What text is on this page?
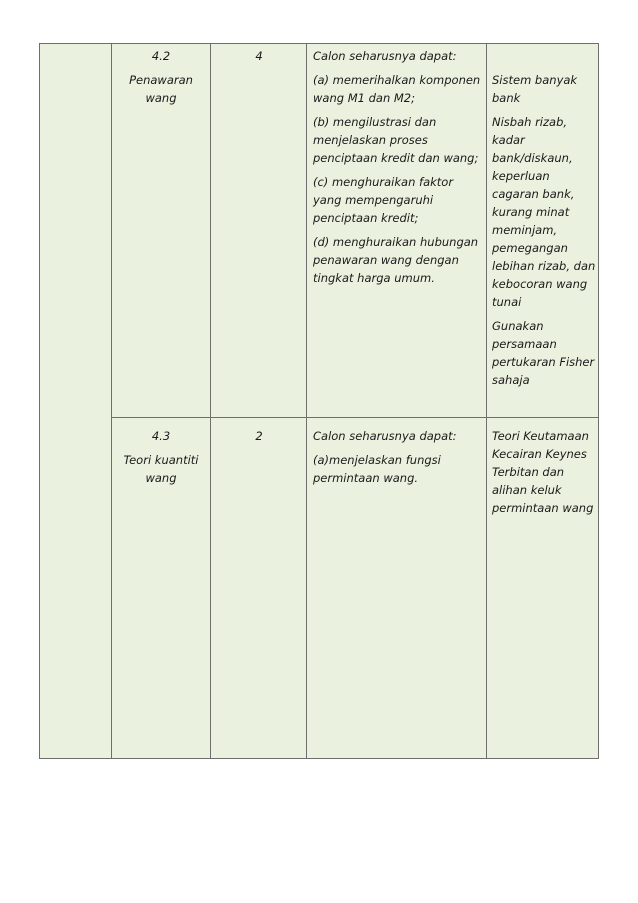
4.2

Penawaran wang

4	Calon seharusnya dapat:

(a) memerihalkan komponen wang M1 dan M2;

(b) mengilustrasi dan menjelaskan proses penciptaan kredit dan wang;

(c) menghuraikan faktor yang mempengaruhi penciptaan kredit;

(d) menghuraikan hubungan penawaran wang dengan tingkat harga umum.

Sistem banyak bank

Nisbah rizab, kadar bank/diskaun, keperluan cagaran bank, kurang minat meminjam, pemegangan lebihan rizab, dan kebocoran wang tunai

Gunakan persamaan pertukaran Fisher sahaja

4.3

Teori kuantiti wang

2	Calon seharusnya dapat:

(a)menjelaskan fungsi permintaan wang.

Teori Keutamaan Kecairan Keynes Terbitan dan alihan keluk permintaan wang
